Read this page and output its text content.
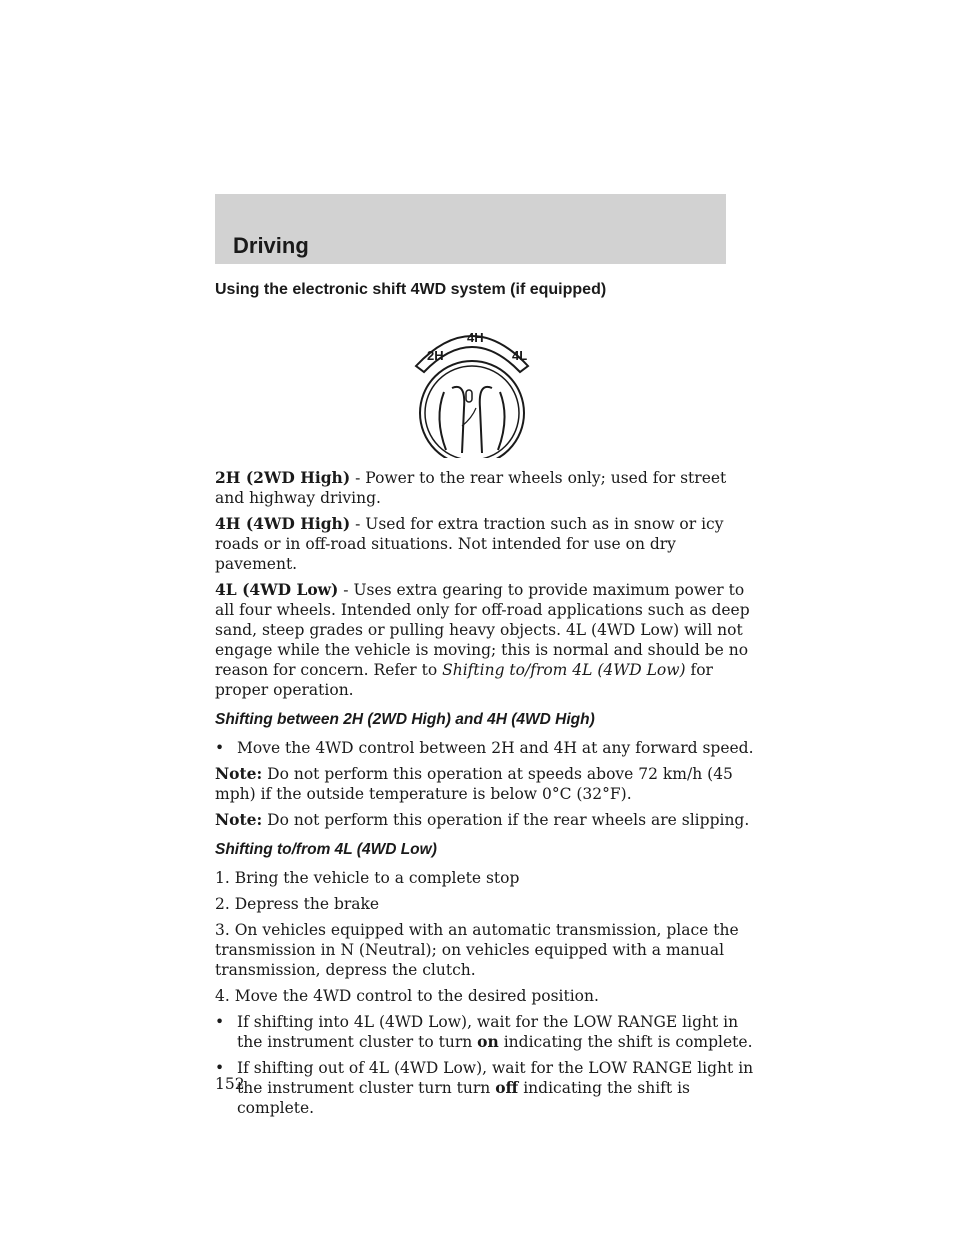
Driving
Using the electronic shift 4WD system (if equipped)
2H
4H
4L

2H (2WD High) - Power to the rear wheels only; used for street and highway driving.

4H (4WD High) - Used for extra traction such as in snow or icy roads or in off-road situations. Not intended for use on dry pavement.

4L (4WD Low) - Uses extra gearing to provide maximum power to all four wheels. Intended only for off-road applications such as deep sand, steep grades or pulling heavy objects. 4L (4WD Low) will not engage while the vehicle is moving; this is normal and should be no reason for concern. Refer to Shifting to/from 4L (4WD Low) for proper operation.

Shifting between 2H (2WD High) and 4H (4WD High)
• Move the 4WD control between 2H and 4H at any forward speed.

Note: Do not perform this operation at speeds above 72 km/h (45 mph) if the outside temperature is below 0°C (32°F).

Note: Do not perform this operation if the rear wheels are slipping.

Shifting to/from 4L (4WD Low)

1. Bring the vehicle to a complete stop

2. Depress the brake

3. On vehicles equipped with an automatic transmission, place the transmission in N (Neutral); on vehicles equipped with a manual transmission, depress the clutch.

4. Move the 4WD control to the desired position.

• If shifting into 4L (4WD Low), wait for the LOW RANGE light in the instrument cluster to turn on indicating the shift is complete.
• If shifting out of 4L (4WD Low), wait for the LOW RANGE light in the instrument cluster turn turn off indicating the shift is complete.
152
